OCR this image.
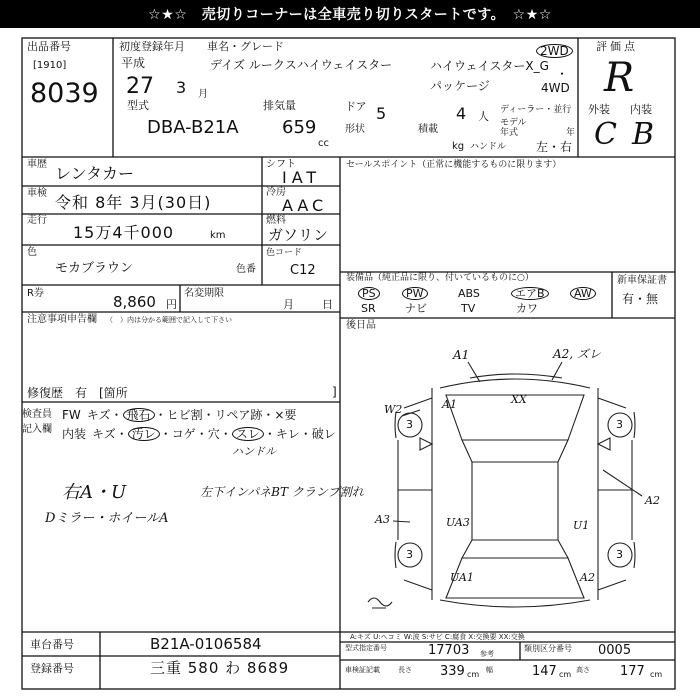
☆★☆　売切りコーナーは全車売り切りスタートです。　☆★☆
出品番号
[1910]
8039
初度登録年月 車名・グレード
平成
27 3 月
デイズ ルークスハイウェイスター	ハイウェイスターX_G
・
パッケージ
2WD
4WD
型式
DBA-B21A
排気量
659
cc
ドア 5
形状	積載
4 人 ディーラー・並行
モデル
年式	年
kg ハンドル 左・右
評価点
R
外装 内装
C B
車歴 レンタカー
車検 令和 8年 3月(30日)
走行
15万4千000	km
シフト
IAT
冷房
AAC
燃料
ガソリン
セールスポイント（正常に機能するものに限ります）
色
モカブラウン	色番
色コード
C12
R券	8,860 円
名変期限
月	日
注意事項申告欄 （　）内は分かる範囲で記入して下さい
修復歴　有　[箇所	]
装備品（純正品に限り、付いているものに○）
PS	PW	ABS	エアB	AW
SR	ナビ	TV	カワ
新車保証書
有・無
後日品
検査員
記入欄
FW キズ・ 飛石 ・ヒビ割・リペア跡・×要
内装 キズ・ 汚レ ・コゲ・穴・ スレ ・キレ・破レ
ハンドル
右A・U	左下インパネBT クランプ割れ
Dミラー・ホイールA
A1	A2, ズレ
W2	A1	XX
3	3
3	3
A2
A3	UA3	U1
UA1	A2
車台番号	B21A-0106584
登録番号	三重 580 わ 8689
A:キズ U:ヘコミ W:波 S:サビ C:腐食 X:交換要 XX:交換
型式指定番号	17703 参考
類別区分番号 0005
車検証記載	長さ 339 cm 幅	147 cm 高さ 177 cm
